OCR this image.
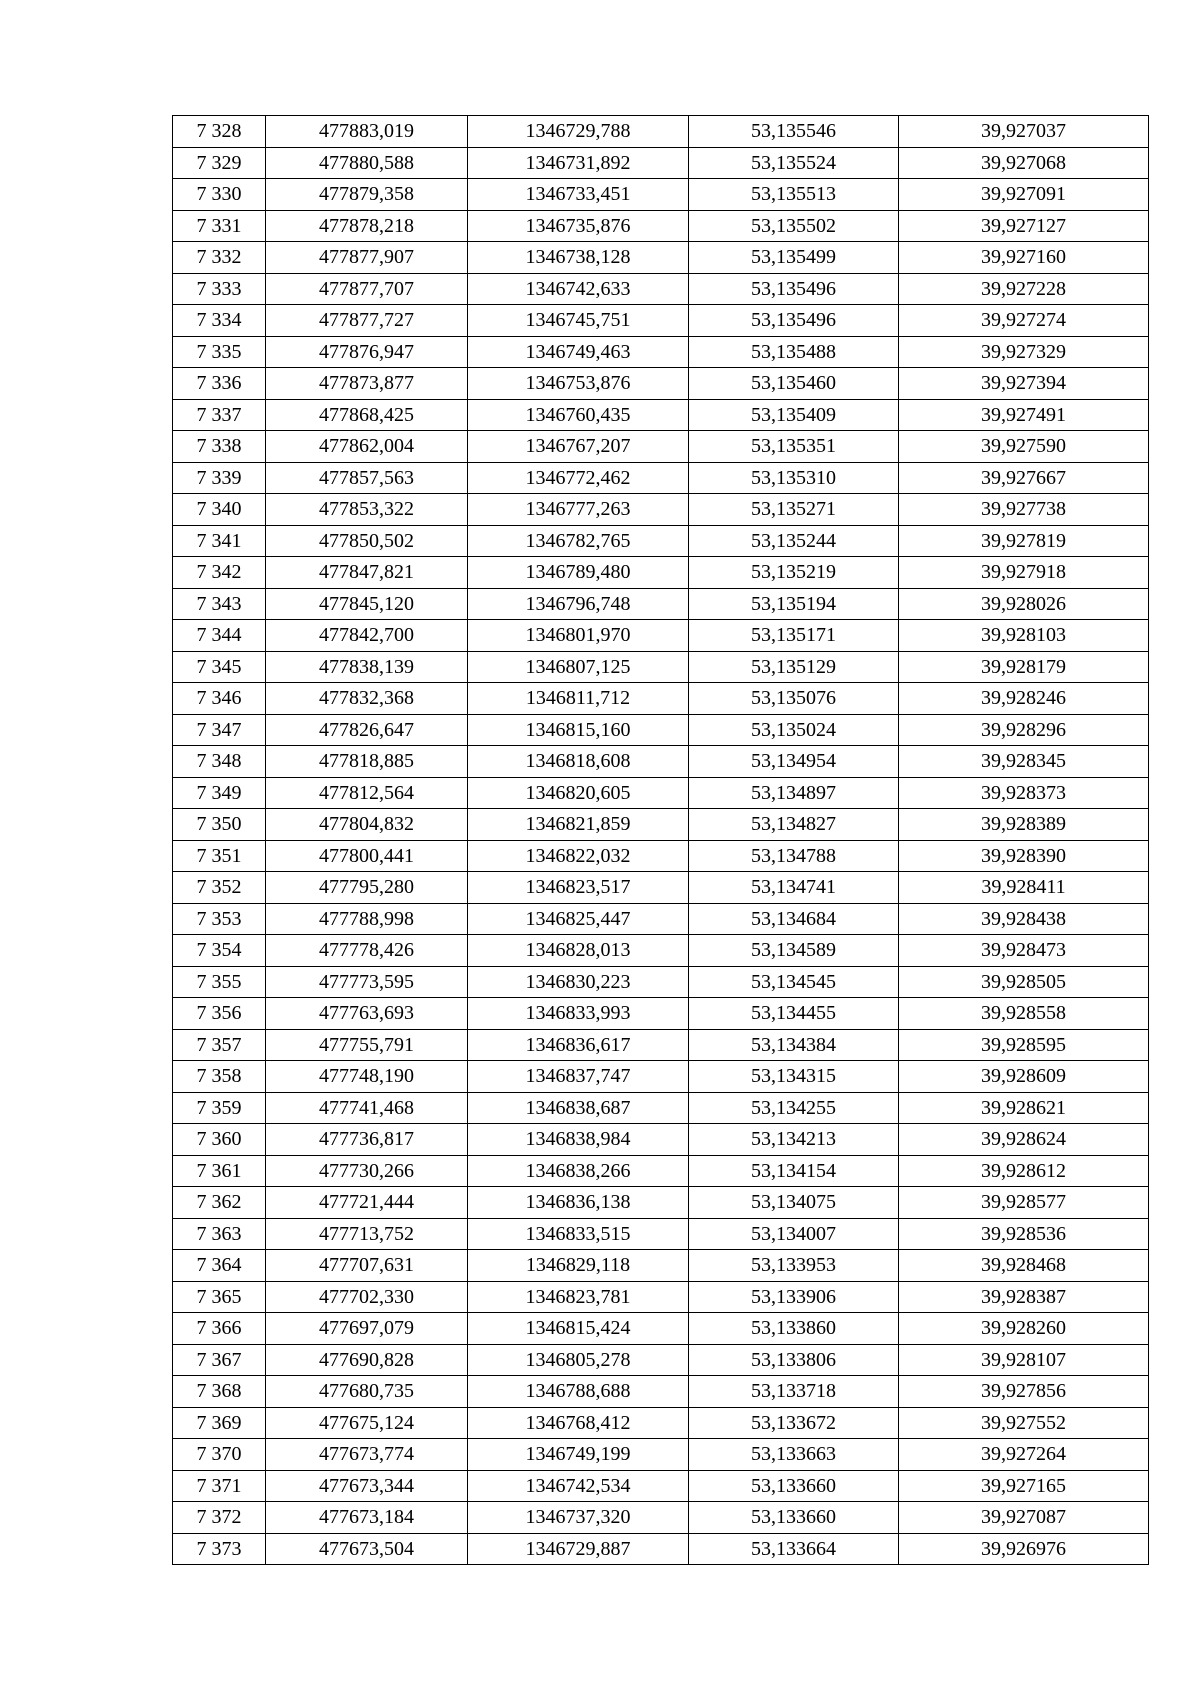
7 328	477883,019	1346729,788	53,135546	39,927037
7 329	477880,588	1346731,892	53,135524	39,927068
7 330	477879,358	1346733,451	53,135513	39,927091
7 331	477878,218	1346735,876	53,135502	39,927127
7 332	477877,907	1346738,128	53,135499	39,927160
7 333	477877,707	1346742,633	53,135496	39,927228
7 334	477877,727	1346745,751	53,135496	39,927274
7 335	477876,947	1346749,463	53,135488	39,927329
7 336	477873,877	1346753,876	53,135460	39,927394
7 337	477868,425	1346760,435	53,135409	39,927491
7 338	477862,004	1346767,207	53,135351	39,927590
7 339	477857,563	1346772,462	53,135310	39,927667
7 340	477853,322	1346777,263	53,135271	39,927738
7 341	477850,502	1346782,765	53,135244	39,927819
7 342	477847,821	1346789,480	53,135219	39,927918
7 343	477845,120	1346796,748	53,135194	39,928026
7 344	477842,700	1346801,970	53,135171	39,928103
7 345	477838,139	1346807,125	53,135129	39,928179
7 346	477832,368	1346811,712	53,135076	39,928246
7 347	477826,647	1346815,160	53,135024	39,928296
7 348	477818,885	1346818,608	53,134954	39,928345
7 349	477812,564	1346820,605	53,134897	39,928373
7 350	477804,832	1346821,859	53,134827	39,928389
7 351	477800,441	1346822,032	53,134788	39,928390
7 352	477795,280	1346823,517	53,134741	39,928411
7 353	477788,998	1346825,447	53,134684	39,928438
7 354	477778,426	1346828,013	53,134589	39,928473
7 355	477773,595	1346830,223	53,134545	39,928505
7 356	477763,693	1346833,993	53,134455	39,928558
7 357	477755,791	1346836,617	53,134384	39,928595
7 358	477748,190	1346837,747	53,134315	39,928609
7 359	477741,468	1346838,687	53,134255	39,928621
7 360	477736,817	1346838,984	53,134213	39,928624
7 361	477730,266	1346838,266	53,134154	39,928612
7 362	477721,444	1346836,138	53,134075	39,928577
7 363	477713,752	1346833,515	53,134007	39,928536
7 364	477707,631	1346829,118	53,133953	39,928468
7 365	477702,330	1346823,781	53,133906	39,928387
7 366	477697,079	1346815,424	53,133860	39,928260
7 367	477690,828	1346805,278	53,133806	39,928107
7 368	477680,735	1346788,688	53,133718	39,927856
7 369	477675,124	1346768,412	53,133672	39,927552
7 370	477673,774	1346749,199	53,133663	39,927264
7 371	477673,344	1346742,534	53,133660	39,927165
7 372	477673,184	1346737,320	53,133660	39,927087
7 373	477673,504	1346729,887	53,133664	39,926976
